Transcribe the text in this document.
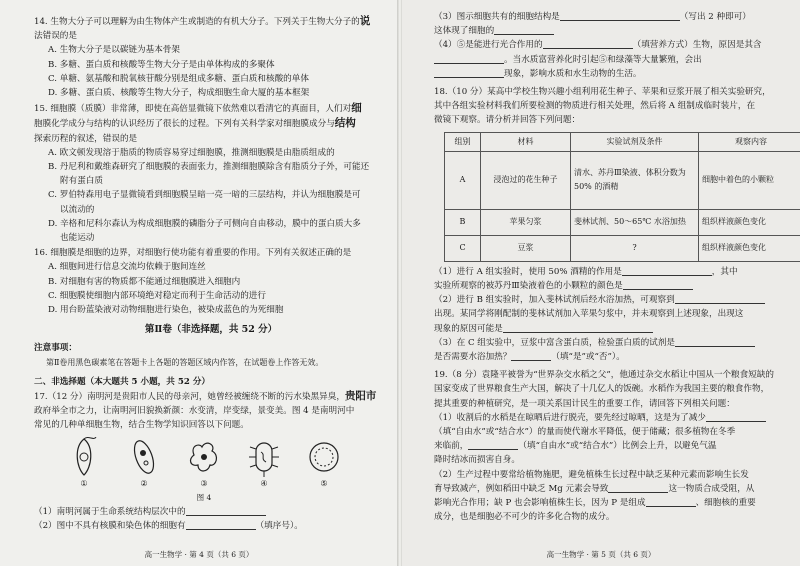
14. 生物大分子可以理解为由生物体产生或制造的有机大分子。下列关于生物大分子的说
法错误的是
A. 生物大分子是以碳链为基本骨架
B. 多糖、蛋白质和核酸等生物大分子是由单体构成的多聚体
C. 单糖、氨基酸和脱氧核苷酸分别是组成多糖、蛋白质和核酸的单体
D. 多糖、蛋白质、核酸等生物大分子，构成细胞生命大厦的基本框架
15. 细胞膜（质膜）非常薄，即使在高倍显微镜下依然难以看清它的真面目，人们对细
胞膜化学成分与结构的认识经历了很长的过程。下列有关科学家对细胞膜成分与结构
探索历程的叙述，错误的是
A. 欧文顿发现溶于脂质的物质容易穿过细胞膜，推测细胞膜是由脂质组成的
B. 丹尼利和戴维森研究了细胞膜的表面张力，推测细胞膜除含有脂质分子外，可能还
附有蛋白质
C. 罗伯特森用电子显微镜看到细胞膜呈暗一亮一暗的三层结构，并认为细胞膜是可
以流动的
D. 辛格和尼科尔森认为构成细胞膜的磷脂分子可侧向自由移动，膜中的蛋白质大多
也能运动
16. 细胞膜是细胞的边界，对细胞行使功能有着重要的作用。下列有关叙述正确的是
A. 细胞间进行信息交流均依赖于胞间连丝
B. 对细胞有害的物质都不能通过细胞膜进入细胞内
C. 细胞膜使细胞内部环境绝对稳定而利于生命活动的进行
D. 用台盼蓝染液对动物细胞进行染色，被染成蓝色的为死细胞
第Ⅱ卷（非选择题，共 52 分）
注意事项：
第Ⅱ卷用黑色碳素笔在答题卡上各题的答题区域内作答，在试题卷上作答无效。
二、非选择题（本大题共 5 小题，共 52 分）
17.（12 分）南明河是贵阳市人民的母亲河，她曾经被缠绕不断的污水染黑异臭，贵阳市
政府举全市之力，让南明河旧貌换新颜：水变清，岸变绿，景变美。图 4 是南明河中
常见的几种单细胞生物，结合生物学知识回答以下问题。
①	②	③	④	⑤
图 4
（1）南明河属于生命系统结构层次中的
（2）图中不具有核膜和染色体的细胞有	（填序号）。
高一生物学 · 第 4 页（共 6 页）
（3）图示细胞共有的细胞结构是	（写出 2 种即可）
这体现了细胞的
（4）⑤是能进行光合作用的	（填营养方式）生物，原因是其含
。当水质富营养化时引起⑤和绿藻等大量繁殖，会出
现象，影响水质和水生动物的生活。
18.（10 分）某高中学校生物兴趣小组利用花生种子、苹果和豆浆开展了相关实验研究，
其中各组实验材料我们所要检测的物质进行相关处理，然后将 A 组制成临时装片，在
微镜下观察。请分析并回答下列问题：
组别	材料	实验试剂及条件	观察内容
A	浸泡过的花生种子	清水、苏丹Ⅲ染液、体积分数为 50% 的酒精	细胞中着色的小颗粒
B	苹果匀浆	斐林试剂、50～65℃ 水浴加热	组织样液颜色变化
C	豆浆	?	组织样液颜色变化
（1）进行 A 组实验时，使用 50% 酒精的作用是	，其中
实验所观察的被苏丹Ⅲ染液着色的小颗粒的颜色是
（2）进行 B 组实验时，加入斐林试剂后经水浴加热，可观察到
出现。某同学将刚配制的斐林试剂加入苹果匀浆中，并未观察到上述现象，出现这
现象的原因可能是
（3）在 C 组实验中，豆浆中富含蛋白质，检验蛋白质的试剂是
是否需要水浴加热？	（填“是”或“否”）。
19.（8 分）袁隆平被誉为“世界杂交水稻之父”，他通过杂交水稻让中国从一个粮食短缺的
国家变成了世界粮食生产大国，解决了十几亿人的饭碗。水稻作为我国主要的粮食作物，
提其重要的种植研究，是一项关系国计民生的重要工作，请回答下列相关问题：
（1）收割后的水稻是在晾晒后进行脱壳，要先经过晾晒，这是为了减少
（填“自由水”或“结合水”）的量而使代谢水平降低，便于储藏；很多植物在冬季
来临前，	（填“自由水”或“结合水”）比例会上升，以避免气温
降时结冰而损害自身。
（2）生产过程中要常给植物施肥，避免植株生长过程中缺乏某种元素而影响生长发
育导致减产，例如稻田中缺乏 Mg 元素会导致	这一物质合成受阻，从
影响光合作用；缺 P 也会影响植株生长，因为 P 是组成	、细胞核的重要
成分，也是细胞必不可少的许多化合物的成分。
高一生物学 · 第 5 页（共 6 页）
